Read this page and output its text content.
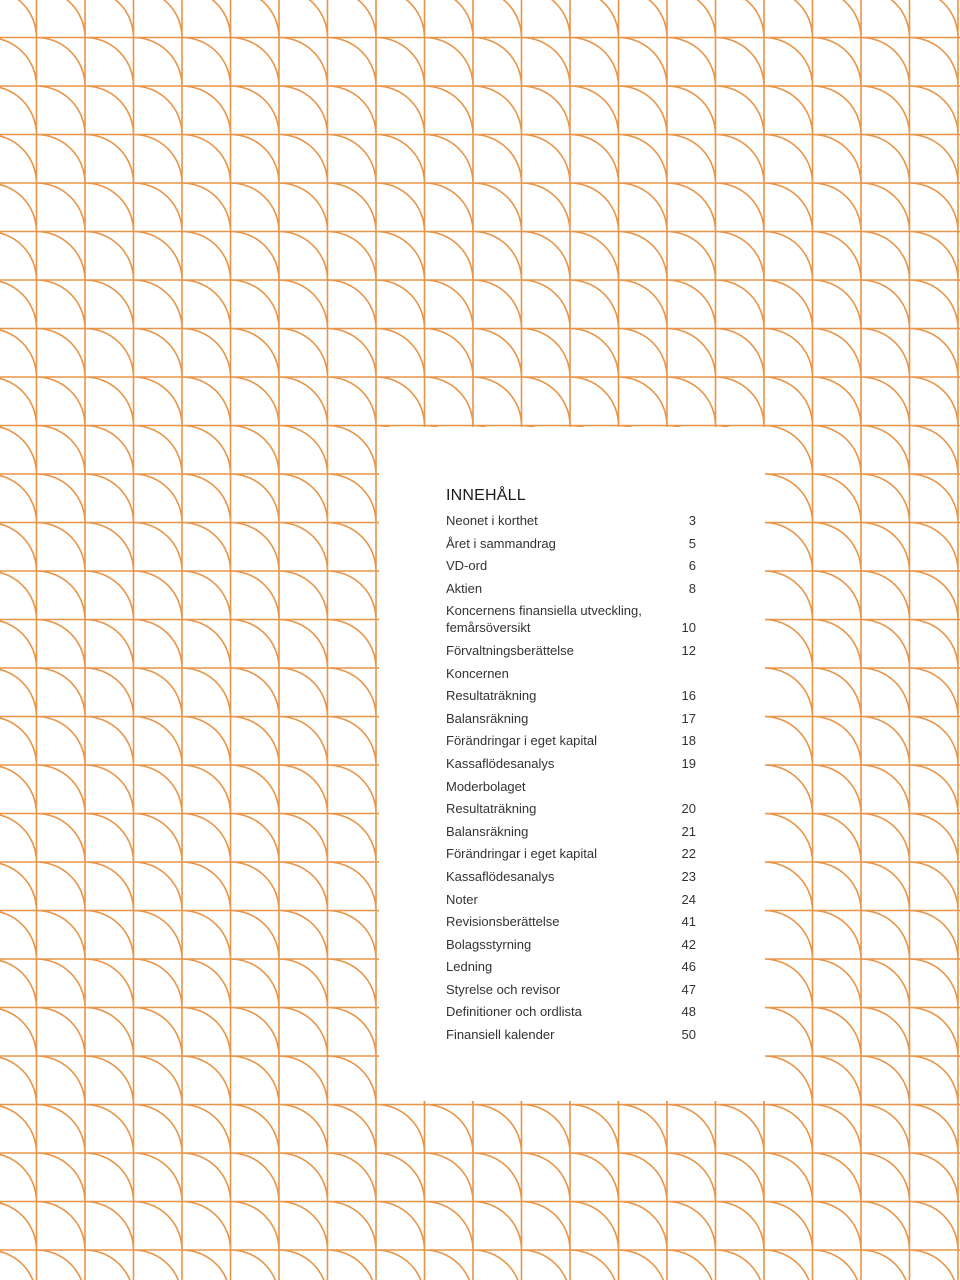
INNEHÅLL
Neonet i korthet	3
Året i sammandrag	5
VD-ord	6
Aktien	8
Koncernens finansiella utveckling,
femårsöversikt	10
Förvaltningsberättelse	12
Koncernen
Resultaträkning	16
Balansräkning	17
Förändringar i eget kapital	18
Kassaflödesanalys	19
Moderbolaget
Resultaträkning	20
Balansräkning	21
Förändringar i eget kapital	22
Kassaflödesanalys	23
Noter	24
Revisionsberättelse	41
Bolagsstyrning	42
Ledning	46
Styrelse och revisor	47
Definitioner och ordlista	48
Finansiell kalender	50
